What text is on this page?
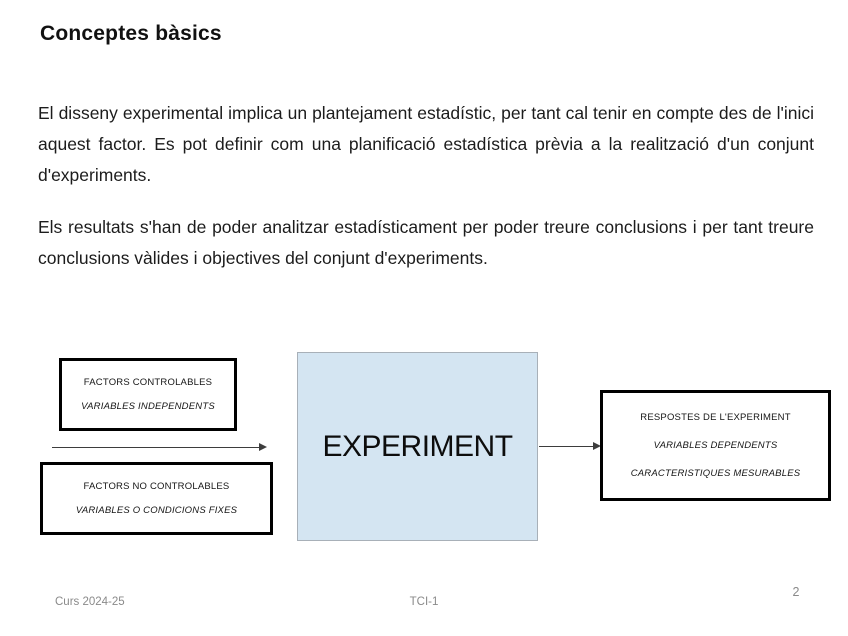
Conceptes bàsics
El disseny experimental implica un plantejament estadístic, per tant cal tenir en compte des de l'inici aquest factor. Es pot definir com una planificació estadística prèvia a la realització d'un conjunt d'experiments.
Els resultats s'han de poder analitzar estadísticament per poder treure conclusions i per tant treure conclusions vàlides i objectives del conjunt d'experiments.
FACTORS CONTROLABLES
VARIABLES INDEPENDENTS
FACTORS NO CONTROLABLES
VARIABLES O CONDICIONS FIXES
EXPERIMENT
RESPOSTES DE L'EXPERIMENT
VARIABLES DEPENDENTS
CARACTERISTIQUES MESURABLES
Curs 2024-25	TCI-1
2
